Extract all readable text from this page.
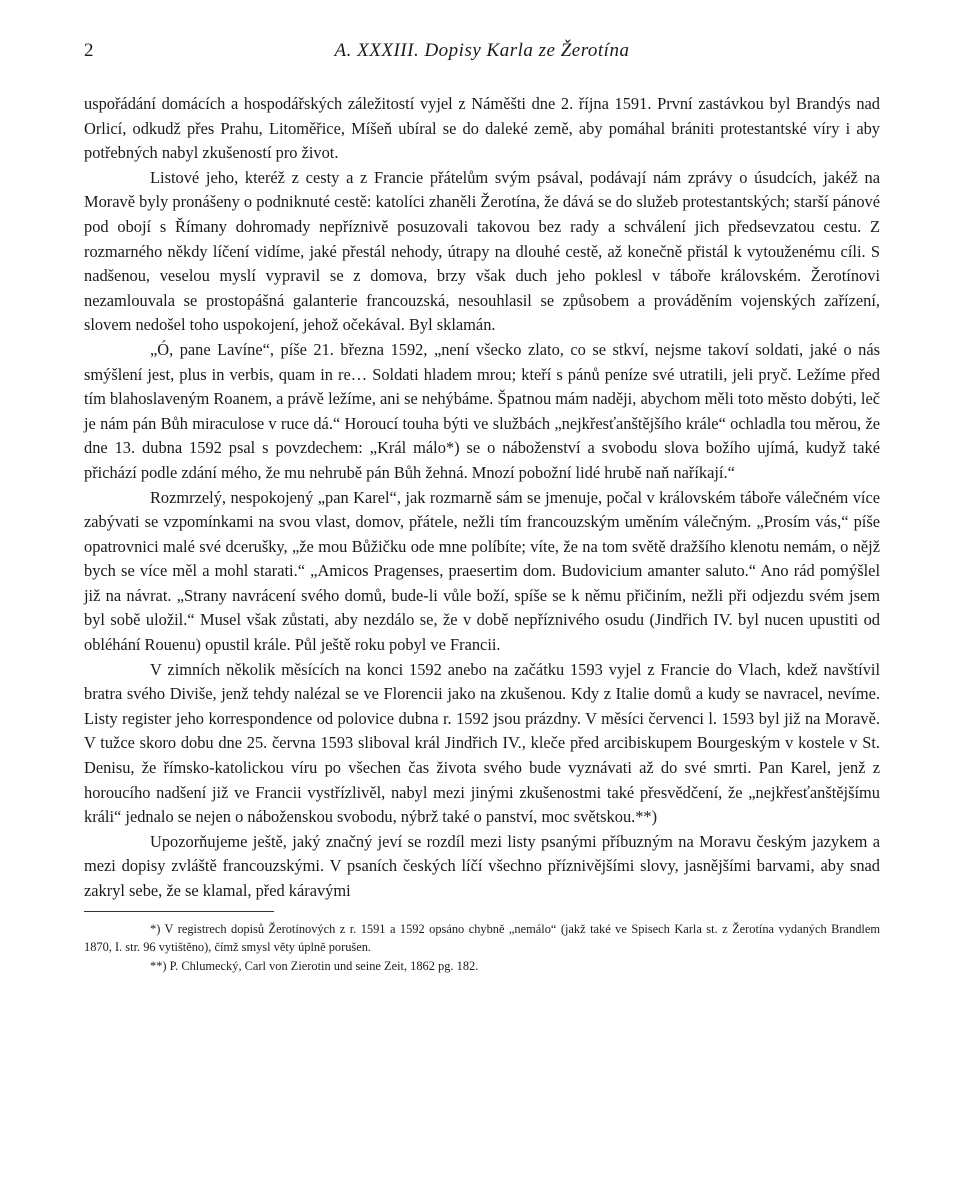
2	A. XXXIII. Dopisy Karla ze Žerotína

uspořádání domácích a hospodářských záležitostí vyjel z Náměšti dne 2. října 1591. První zastávkou byl Brandýs nad Orlicí, odkudž přes Prahu, Litoměřice, Míšeň ubíral se do daleké země, aby pomáhal brániti protestantské víry i aby potřebných nabyl zkušeností pro život.

Listové jeho, kteréž z cesty a z Francie přátelům svým psával, podávají nám zprávy o úsudcích, jakéž na Moravě byly pronášeny o podniknuté cestě: katolíci zhaněli Žerotína, že dává se do služeb protestantských; starší pánové pod obojí s Římany dohromady nepříznivě posuzovali takovou bez rady a schválení jich předsevzatou cestu. Z rozmarného někdy líčení vidíme, jaké přestál nehody, útrapy na dlouhé cestě, až konečně přistál k vytouženému cíli. S nadšenou, veselou myslí vypravil se z domova, brzy však duch jeho poklesl v táboře královském. Žerotínovi nezamlouvala se prostopášná galanterie francouzská, nesouhlasil se způsobem a prováděním vojenských zařízení, slovem nedošel toho uspokojení, jehož očekával. Byl sklamán.

„Ó, pane Lavíne“, píše 21. března 1592, „není všecko zlato, co se stkví, nejsme takoví soldati, jaké o nás smýšlení jest, plus in verbis, quam in re… Soldati hladem mrou; kteří s pánů peníze své utratili, jeli pryč. Ležíme před tím blahoslaveným Roanem, a právě ležíme, ani se nehýbáme. Špatnou mám naději, abychom měli toto město dobýti, leč je nám pán Bůh miraculose v ruce dá.“ Horoucí touha býti ve službách „nejkřesťanštějšího krále“ ochladla tou měrou, že dne 13. dubna 1592 psal s povzdechem: „Král málo*) se o náboženství a svobodu slova božího ujímá, kudyž také přichází podle zdání mého, že mu nehrubě pán Bůh žehná. Mnozí pobožní lidé hrubě naň naříkají.“

Rozmrzelý, nespokojený „pan Karel“, jak rozmarně sám se jmenuje, počal v královském táboře válečném více zabývati se vzpomínkami na svou vlast, domov, přátele, nežli tím francouzským uměním válečným. „Prosím vás,“ píše opatrovnici malé své dcerušky, „že mou Bůžičku ode mne políbíte; víte, že na tom světě dražšího klenotu nemám, o nějž bych se více měl a mohl starati.“ „Amicos Pragenses, praesertim dom. Budovicium amanter saluto.“ Ano rád pomýšlel již na návrat. „Strany navrácení svého domů, bude-li vůle boží, spíše se k němu přičiním, nežli při odjezdu svém jsem byl sobě uložil.“ Musel však zůstati, aby nezdálo se, že v době nepříznivého osudu (Jindřich IV. byl nucen upustiti od obléhání Rouenu) opustil krále. Půl ještě roku pobyl ve Francii.

V zimních několik měsících na konci 1592 anebo na začátku 1593 vyjel z Francie do Vlach, kdež navštívil bratra svého Diviše, jenž tehdy nalézal se ve Florencii jako na zkušenou. Kdy z Italie domů a kudy se navracel, nevíme. Listy register jeho korrespondence od polovice dubna r. 1592 jsou prázdny. V měsíci červenci l. 1593 byl již na Moravě. V tužce skoro dobu dne 25. června 1593 sliboval král Jindřich IV., kleče před arcibiskupem Bourgeským v kostele v St. Denisu, že římsko-katolickou víru po všechen čas života svého bude vyznávati až do své smrti. Pan Karel, jenž z horoucího nadšení již ve Francii vystřízlivěl, nabyl mezi jinými zkušenostmi také přesvědčení, že „nejkřesťanštějšímu králi“ jednalo se nejen o náboženskou svobodu, nýbrž také o panství, moc světskou.**)

Upozorňujeme ještě, jaký značný jeví se rozdíl mezi listy psanými příbuzným na Moravu českým jazykem a mezi dopisy zvláště francouzskými. V psaních českých líčí všechno příznivějšími slovy, jasnějšími barvami, aby snad zakryl sebe, že se klamal, před káravými

*) V registrech dopisů Žerotínových z r. 1591 a 1592 opsáno chybně „nemálo“ (jakž také ve Spisech Karla st. z Žerotína vydaných Brandlem 1870, I. str. 96 vytištěno), čímž smysl věty úplně porušen.

**) P. Chlumecký, Carl von Zierotin und seine Zeit, 1862 pg. 182.
